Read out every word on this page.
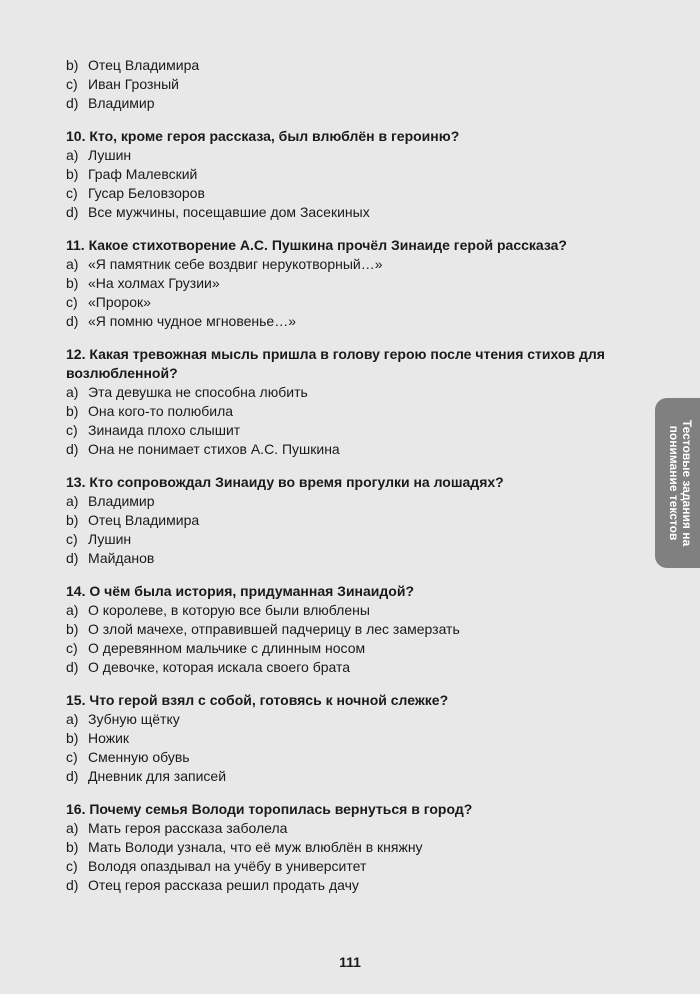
b) Отец Владимира
c) Иван Грозный
d) Владимир
10. Кто, кроме героя рассказа, был влюблён в героиню?
a) Лушин
b) Граф Малевский
c) Гусар Беловзоров
d) Все мужчины, посещавшие дом Засекиных
11. Какое стихотворение А.С. Пушкина прочёл Зинаиде герой рассказа?
a) «Я памятник себе воздвиг нерукотворный…»
b) «На холмах Грузии»
c) «Пророк»
d) «Я помню чудное мгновенье…»
12. Какая тревожная мысль пришла в голову герою после чтения стихов для возлюбленной?
a) Эта девушка не способна любить
b) Она кого-то полюбила
c) Зинаида плохо слышит
d) Она не понимает стихов А.С. Пушкина
13. Кто сопровождал Зинаиду во время прогулки на лошадях?
a) Владимир
b) Отец Владимира
c) Лушин
d) Майданов
14. О чём была история, придуманная Зинаидой?
a) О королеве, в которую все были влюблены
b) О злой мачехе, отправившей падчерицу в лес замерзать
c) О деревянном мальчике с длинным носом
d) О девочке, которая искала своего брата
15. Что герой взял с собой, готовясь к ночной слежке?
a) Зубную щётку
b) Ножик
c) Сменную обувь
d) Дневник для записей
16. Почему семья Володи торопилась вернуться в город?
a) Мать героя рассказа заболела
b) Мать Володи узнала, что её муж влюблён в княжну
c) Володя опаздывал на учёбу в университет
d) Отец героя рассказа решил продать дачу
Тестовые задания на
понимание текстов
111
